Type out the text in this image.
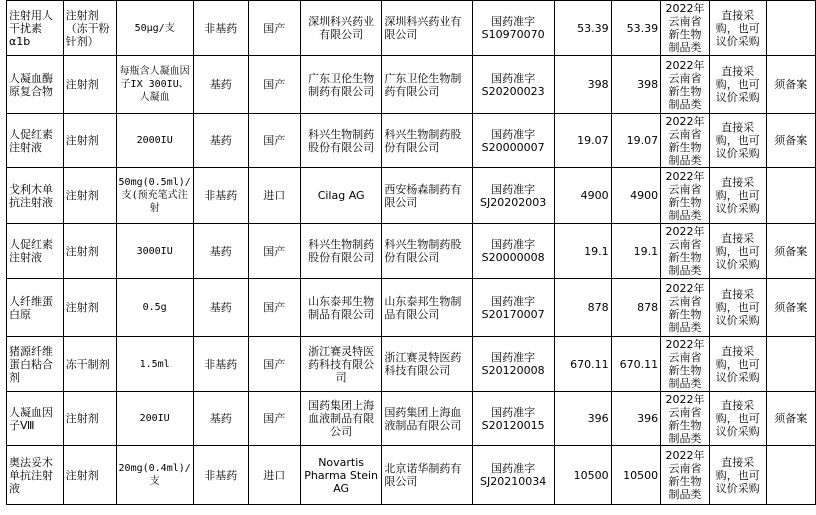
注射用人干扰素α1b	注射剂（冻干粉针剂）	50μg/支	非基药	国产	深圳科兴药业有限公司	深圳科兴药业有限公司	国药准字S10970070	53.39	53.39	2022年云南省新生物制品类	直接采购，也可议价采购	

人凝血酶原复合物	注射剂	每瓶含人凝血因子IX 300IU、人凝血	基药	国产	广东卫伦生物制药有限公司	广东卫伦生物制药有限公司	国药准字S20200023	398	398	2022年云南省新生物制品类	直接采购，也可议价采购	须备案

人促红素注射液	注射剂	2000IU	基药	国产	科兴生物制药股份有限公司	科兴生物制药股份有限公司	国药准字S20000007	19.07	19.07	2022年云南省新生物制品类	直接采购，也可议价采购	须备案

戈利木单抗注射液	注射剂	50mg(0.5ml)/支(预充笔式注射	非基药	进口	Cilag AG	西安杨森制药有限公司	国药准字SJ20202003	4900	4900	2022年云南省新生物制品类	直接采购，也可议价采购	

人促红素注射液	注射剂	3000IU	基药	国产	科兴生物制药股份有限公司	科兴生物制药股份有限公司	国药准字S20000008	19.1	19.1	2022年云南省新生物制品类	直接采购，也可议价采购	须备案

人纤维蛋白原	注射剂	0.5g	基药	国产	山东泰邦生物制品有限公司	山东泰邦生物制品有限公司	国药准字S20170007	878	878	2022年云南省新生物制品类	直接采购，也可议价采购	须备案

猪源纤维蛋白粘合剂	冻干制剂	1.5ml	非基药	国产	浙江赛灵特医药科技有限公司	浙江赛灵特医药科技有限公司	国药准字S20120008	670.11	670.11	2022年云南省新生物制品类	直接采购，也可议价采购	

人凝血因子Ⅷ	注射剂	200IU	基药	国产	国药集团上海血液制品有限公司	国药集团上海血液制品有限公司	国药准字S20120015	396	396	2022年云南省新生物制品类	直接采购，也可议价采购	须备案

奥法妥木单抗注射液	注射剂	20mg(0.4ml)/支	非基药	进口	Novartis Pharma Stein AG	北京诺华制药有限公司	国药准字SJ20210034	10500	10500	2022年云南省新生物制品类	直接采购，也可议价采购	
